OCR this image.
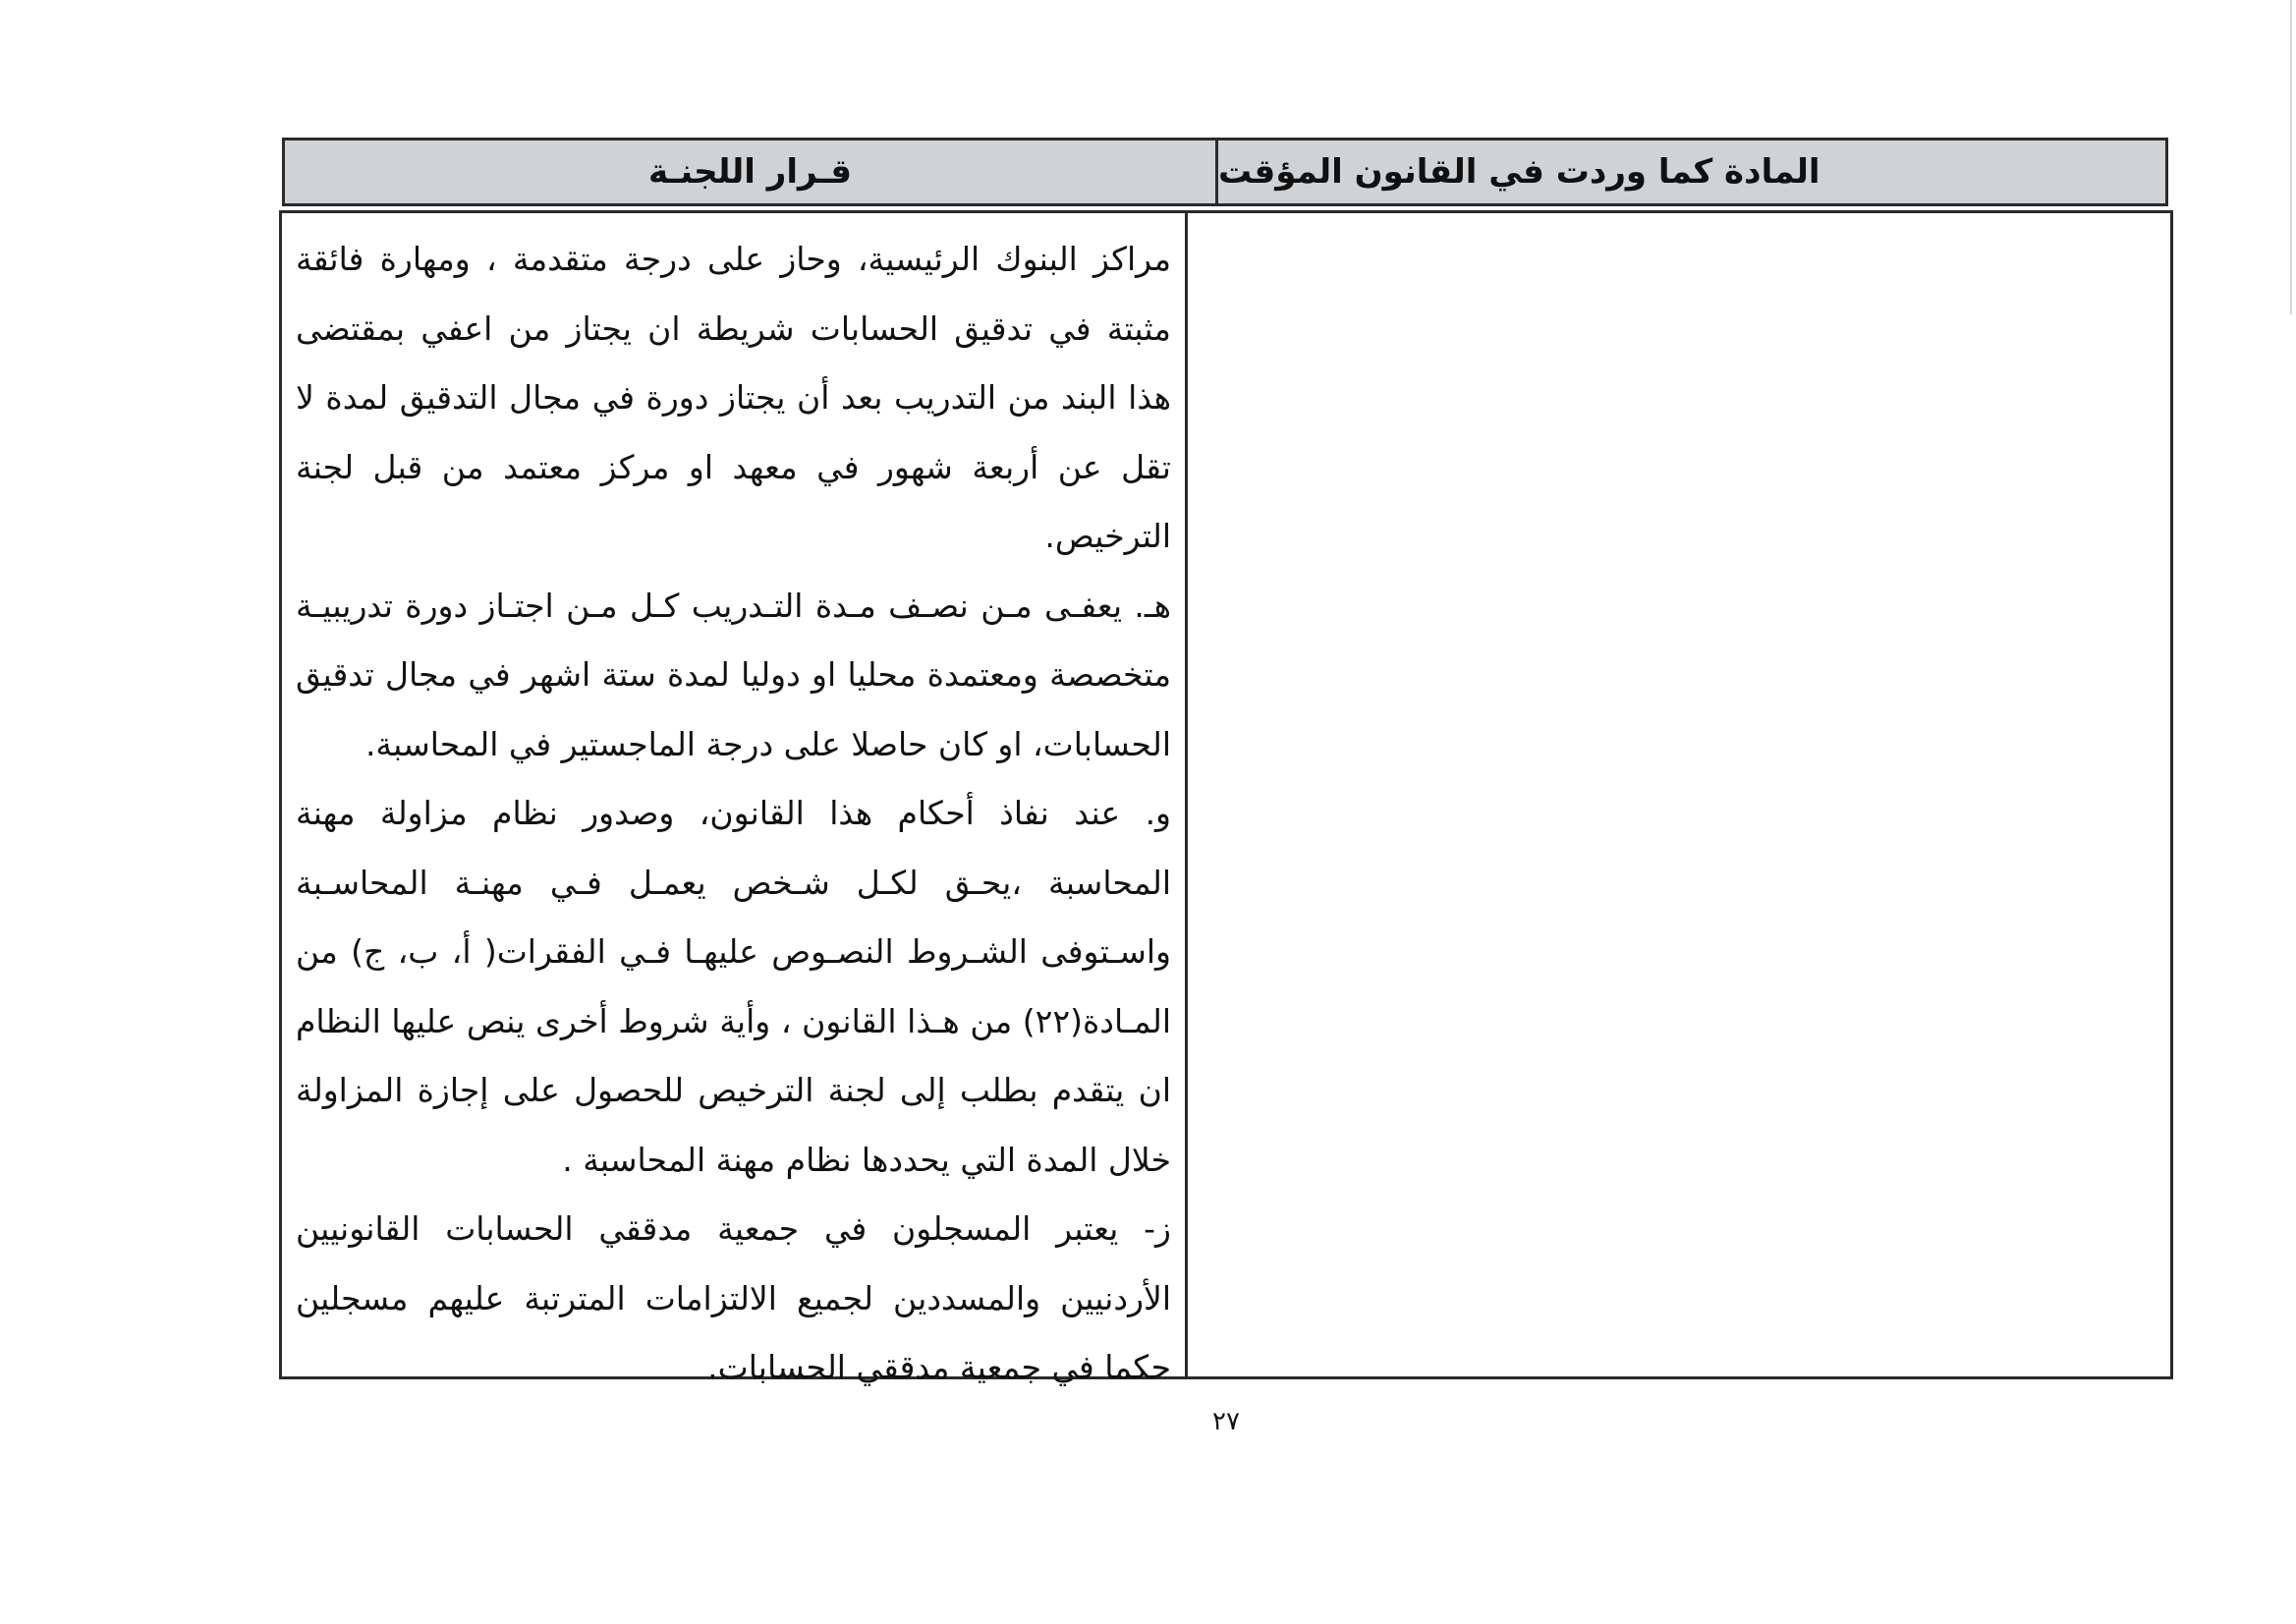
قـرار اللجنـة	المادة كما وردت في القانون المؤقت

مراكز البنوك الرئيسية، وحاز على درجة متقدمة ، ومهارة فائقة مثبتة في تدقيق الحسابات شريطة ان يجتاز من اعفي بمقتضى هذا البند من التدريب بعد أن يجتاز دورة في مجال التدقيق لمدة لا تقل عن أربعة شهور في معهد او مركز معتمد من قبل لجنة الترخيص.

هـ. يعفـى مـن نصـف مـدة التـدريب كـل مـن اجتـاز دورة تدريبيـة متخصصة ومعتمدة محليا او دوليا لمدة ستة اشهر في مجال تدقيق الحسابات، او كان حاصلا على درجة الماجستير في المحاسبة.

و. عند نفاذ أحكام هذا القانون، وصدور نظام مزاولة مهنة المحاسبة ،يحـق لكـل شـخص يعمـل فـي مهنـة المحاسـبة واسـتوفى الشـروط النصـوص عليهـا فـي الفقرات( أ، ب، ج) من المـادة(٢٢) من هـذا القانون ، وأية شروط أخرى ينص عليها النظام ان يتقدم بطلب إلى لجنة الترخيص للحصول على إجازة المزاولة خلال المدة التي يحددها نظام مهنة المحاسبة .

ز- يعتبر المسجلون في جمعية مدققي الحسابات القانونيين الأردنيين والمسددين لجميع الالتزامات المترتبة عليهم مسجلين حكما في جمعية مدققي الحسابات.

٢٧
